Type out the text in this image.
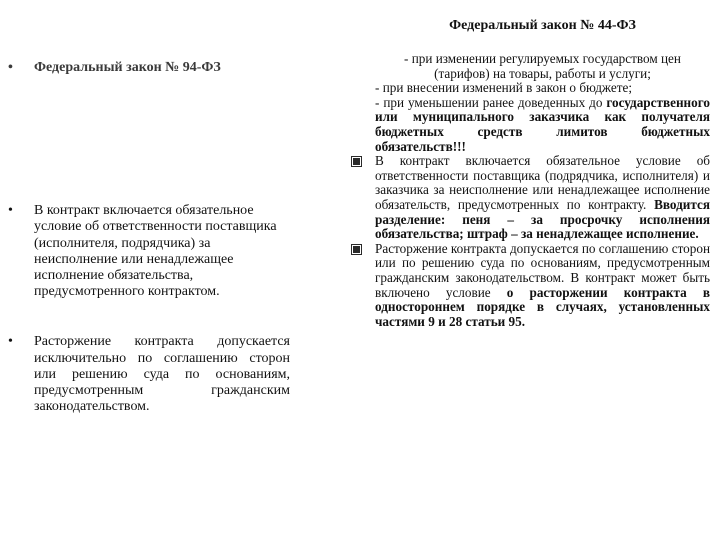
•	Федеральный закон № 94-ФЗ
•	В контракт включается обязательное условие об ответственности поставщика (исполнителя, подрядчика) за неисполнение или ненадлежащее исполнение обязательства, предусмотренного контрактом.
•	Расторжение контракта допускается исключительно по соглашению сторон или решению суда по основаниям, предусмотренным гражданским законодательством.
Федеральный закон № 44-ФЗ
- при изменении регулируемых государством цен (тарифов) на товары, работы и услуги;
- при внесении изменений в закон о бюджете;
- при уменьшении ранее доведенных до государственного или муниципального заказчика как получателя бюджетных средств лимитов бюджетных обязательств!!!
В контракт включается обязательное условие об ответственности поставщика (подрядчика, исполнителя) и заказчика за неисполнение или ненадлежащее исполнение обязательств, предусмотренных по контракту. Вводится разделение: пеня – за просрочку исполнения обязательства; штраф – за ненадлежащее исполнение.
Расторжение контракта допускается по соглашению сторон или по решению суда по основаниям, предусмотренным гражданским законодательством. В контракт может быть включено условие о расторжении контракта в одностороннем порядке в случаях, установленных частями 9 и 28 статьи 95.
